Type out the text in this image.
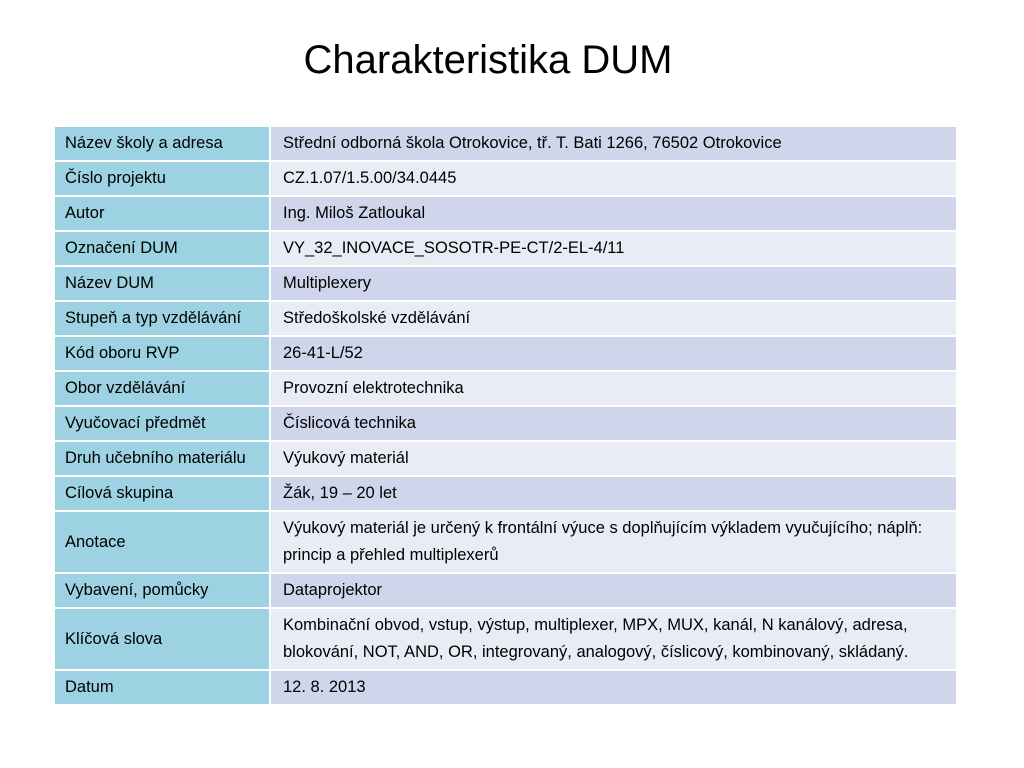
Charakteristika DUM
Název školy a adresa	Střední odborná škola Otrokovice, tř. T. Bati 1266, 76502 Otrokovice
Číslo projektu	CZ.1.07/1.5.00/34.0445
Autor	Ing. Miloš Zatloukal
Označení DUM	VY_32_INOVACE_SOSOTR-PE-CT/2-EL-4/11
Název DUM	Multiplexery
Stupeň a typ vzdělávání	Středoškolské vzdělávání
Kód oboru RVP	26-41-L/52
Obor vzdělávání	Provozní elektrotechnika
Vyučovací předmět	Číslicová technika
Druh učebního materiálu	Výukový materiál
Cílová skupina	Žák, 19 – 20 let
Anotace	Výukový materiál je určený k frontální výuce s doplňujícím výkladem vyučujícího; náplň: princip a přehled multiplexerů
Vybavení, pomůcky	Dataprojektor
Klíčová slova	Kombinační obvod, vstup, výstup, multiplexer, MPX, MUX, kanál, N kanálový, adresa, blokování, NOT, AND, OR, integrovaný, analogový, číslicový, kombinovaný, skládaný.
Datum	12. 8. 2013
